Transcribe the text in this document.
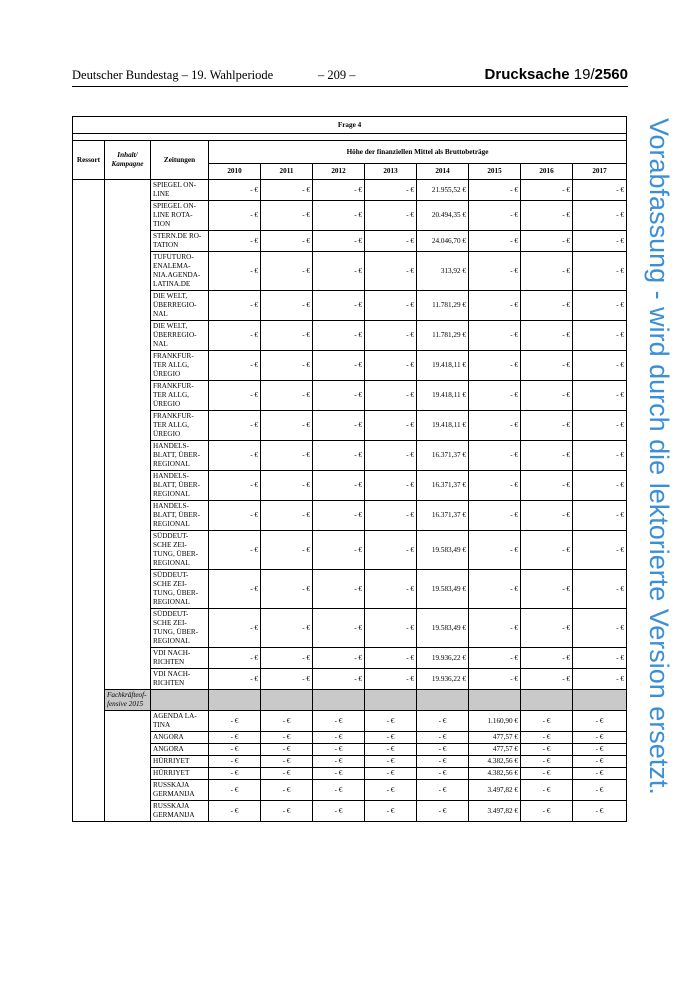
Deutscher Bundestag – 19. Wahlperiode	– 209 –	Drucksache 19/2560
Vorabfassung - wird durch die lektorierte Version ersetzt.
Frage 4										

Ressort	Inhalt/ Kampagne	Zeitungen	Höhe der finanziellen Mittel als Bruttobeträge							
			2010	2011	2012	2013	2014	2015	2016	2017
		SPIEGEL ON-LINE	- €	- €	- €	- €	21.955,52 €	- €	- €	- €
		SPIEGEL ON-LINE ROTA-TION	- €	- €	- €	- €	20.494,35 €	- €	- €	- €
		STERN.DE RO-TATION	- €	- €	- €	- €	24.046,70 €	- €	- €	- €
		TUFUTURO-ENALEMA-NIA.AGENDA-LATINA.DE	- €	- €	- €	- €	313,92 €	- €	- €	- €
		DIE WELT, ÜBERREGIO-NAL	- €	- €	- €	- €	11.781,29 €	- €	- €	- €
		DIE WELT, ÜBERREGIO-NAL	- €	- €	- €	- €	11.781,29 €	- €	- €	- €
		FRANKFUR-TER ALLG, ÜREGIO	- €	- €	- €	- €	19.418,11 €	- €	- €	- €
		FRANKFUR-TER ALLG, ÜREGIO	- €	- €	- €	- €	19.418,11 €	- €	- €	- €
		FRANKFUR-TER ALLG, ÜREGIO	- €	- €	- €	- €	19.418,11 €	- €	- €	- €
		HANDELS-BLATT, ÜBER-REGIONAL	- €	- €	- €	- €	16.371,37 €	- €	- €	- €
		HANDELS-BLATT, ÜBER-REGIONAL	- €	- €	- €	- €	16.371,37 €	- €	- €	- €
		HANDELS-BLATT, ÜBER-REGIONAL	- €	- €	- €	- €	16.371,37 €	- €	- €	- €
		SÜDDEUT-SCHE ZEI-TUNG, ÜBER-REGIONAL	- €	- €	- €	- €	19.583,49 €	- €	- €	- €
		SÜDDEUT-SCHE ZEI-TUNG, ÜBER-REGIONAL	- €	- €	- €	- €	19.583,49 €	- €	- €	- €
		SÜDDEUT-SCHE ZEI-TUNG, ÜBER-REGIONAL	- €	- €	- €	- €	19.583,49 €	- €	- €	- €
		VDI NACH-RICHTEN	- €	- €	- €	- €	19.936,22 €	- €	- €	- €
		VDI NACH-RICHTEN	- €	- €	- €	- €	19.936,22 €	- €	- €	- €
	Fachkräfteof-fensive 2015									
		AGENDA LA-TINA	- €	- €	- €	- €	- €	1.160,90 €	- €	- €
		ANGORA	- €	- €	- €	- €	- €	477,57 €	- €	- €
		ANGORA	- €	- €	- €	- €	- €	477,57 €	- €	- €
		HÜRRIYET	- €	- €	- €	- €	- €	4.382,56 €	- €	- €
		HÜRRIYET	- €	- €	- €	- €	- €	4.382,56 €	- €	- €
		RUSSKAJA GERMANIJA	- €	- €	- €	- €	- €	3.497,82 €	- €	- €
		RUSSKAJA GERMANIJA	- €	- €	- €	- €	- €	3.497,82 €	- €	- €
